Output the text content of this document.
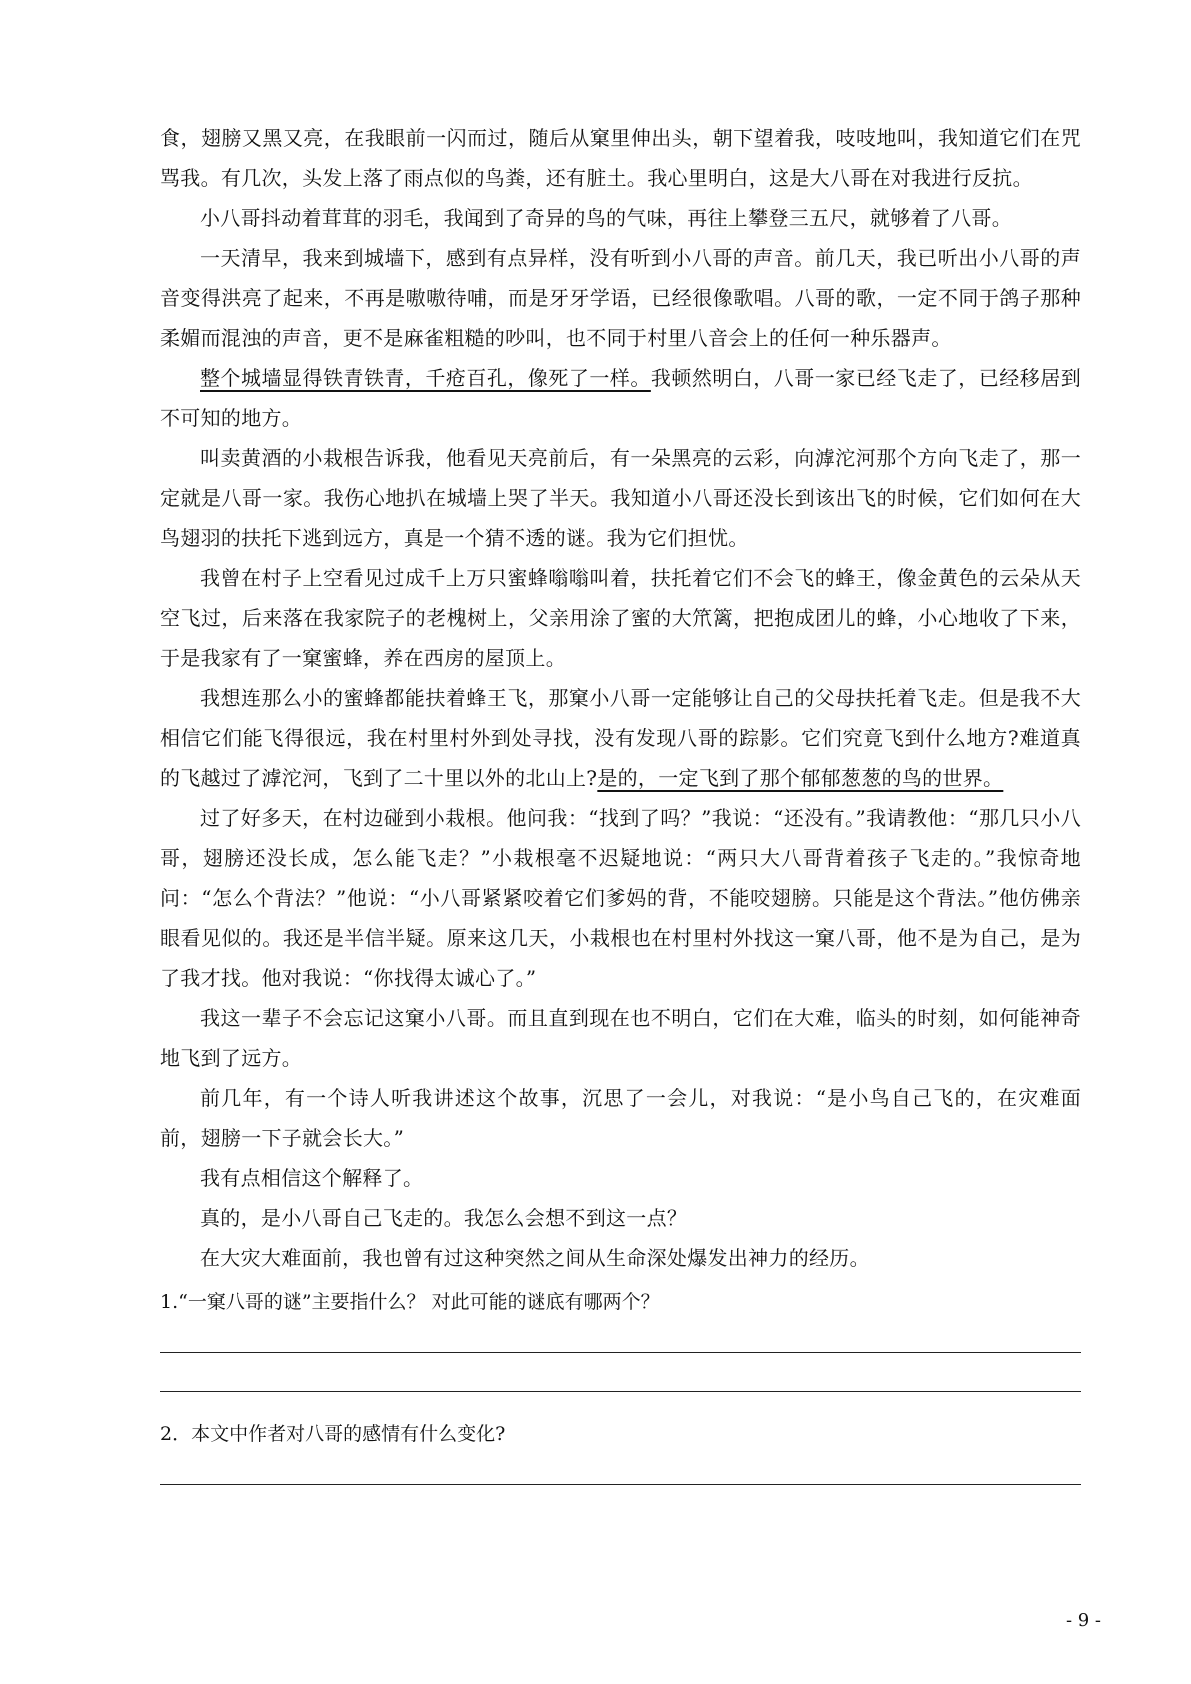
食，翅膀又黑又亮，在我眼前一闪而过，随后从窠里伸出头，朝下望着我，吱吱地叫，我知道它们在咒骂我。有几次，头发上落了雨点似的鸟粪，还有脏土。我心里明白，这是大八哥在对我进行反抗。

小八哥抖动着茸茸的羽毛，我闻到了奇异的鸟的气味，再往上攀登三五尺，就够着了八哥。

一天清早，我来到城墙下，感到有点异样，没有听到小八哥的声音。前几天，我已听出小八哥的声音变得洪亮了起来，不再是嗷嗷待哺，而是牙牙学语，已经很像歌唱。八哥的歌，一定不同于鸽子那种柔媚而混浊的声音，更不是麻雀粗糙的吵叫，也不同于村里八音会上的任何一种乐器声。

整个城墙显得铁青铁青，千疮百孔，像死了一样。我顿然明白，八哥一家已经飞走了，已经移居到不可知的地方。

叫卖黄酒的小栽根告诉我，他看见天亮前后，有一朵黑亮的云彩，向滹沱河那个方向飞走了，那一定就是八哥一家。我伤心地扒在城墙上哭了半天。我知道小八哥还没长到该出飞的时候，它们如何在大鸟翅羽的扶托下逃到远方，真是一个猜不透的谜。我为它们担忧。

我曾在村子上空看见过成千上万只蜜蜂嗡嗡叫着，扶托着它们不会飞的蜂王，像金黄色的云朵从天空飞过，后来落在我家院子的老槐树上，父亲用涂了蜜的大笊篱，把抱成团儿的蜂，小心地收了下来，于是我家有了一窠蜜蜂，养在西房的屋顶上。

我想连那么小的蜜蜂都能扶着蜂王飞，那窠小八哥一定能够让自己的父母扶托着飞走。但是我不大相信它们能飞得很远，我在村里村外到处寻找，没有发现八哥的踪影。它们究竟飞到什么地方?难道真的飞越过了滹沱河，飞到了二十里以外的北山上?是的，一定飞到了那个郁郁葱葱的鸟的世界。

过了好多天，在村边碰到小栽根。他问我：“找到了吗？”我说：“还没有。”我请教他：“那几只小八哥，翅膀还没长成，怎么能飞走？”小栽根毫不迟疑地说：“两只大八哥背着孩子飞走的。”我惊奇地问：“怎么个背法？”他说：“小八哥紧紧咬着它们爹妈的背，不能咬翅膀。只能是这个背法。”他仿佛亲眼看见似的。我还是半信半疑。原来这几天，小栽根也在村里村外找这一窠八哥，他不是为自己，是为了我才找。他对我说：“你找得太诚心了。”

我这一辈子不会忘记这窠小八哥。而且直到现在也不明白，它们在大难，临头的时刻，如何能神奇地飞到了远方。

前几年，有一个诗人听我讲述这个故事，沉思了一会儿，对我说：“是小鸟自己飞的，在灾难面前，翅膀一下子就会长大。”

我有点相信这个解释了。

真的，是小八哥自己飞走的。我怎么会想不到这一点？

在大灾大难面前，我也曾有过这种突然之间从生命深处爆发出神力的经历。

1.“一窠八哥的谜”主要指什么？ 对此可能的谜底有哪两个？

2．本文中作者对八哥的感情有什么变化?

- 9 -
